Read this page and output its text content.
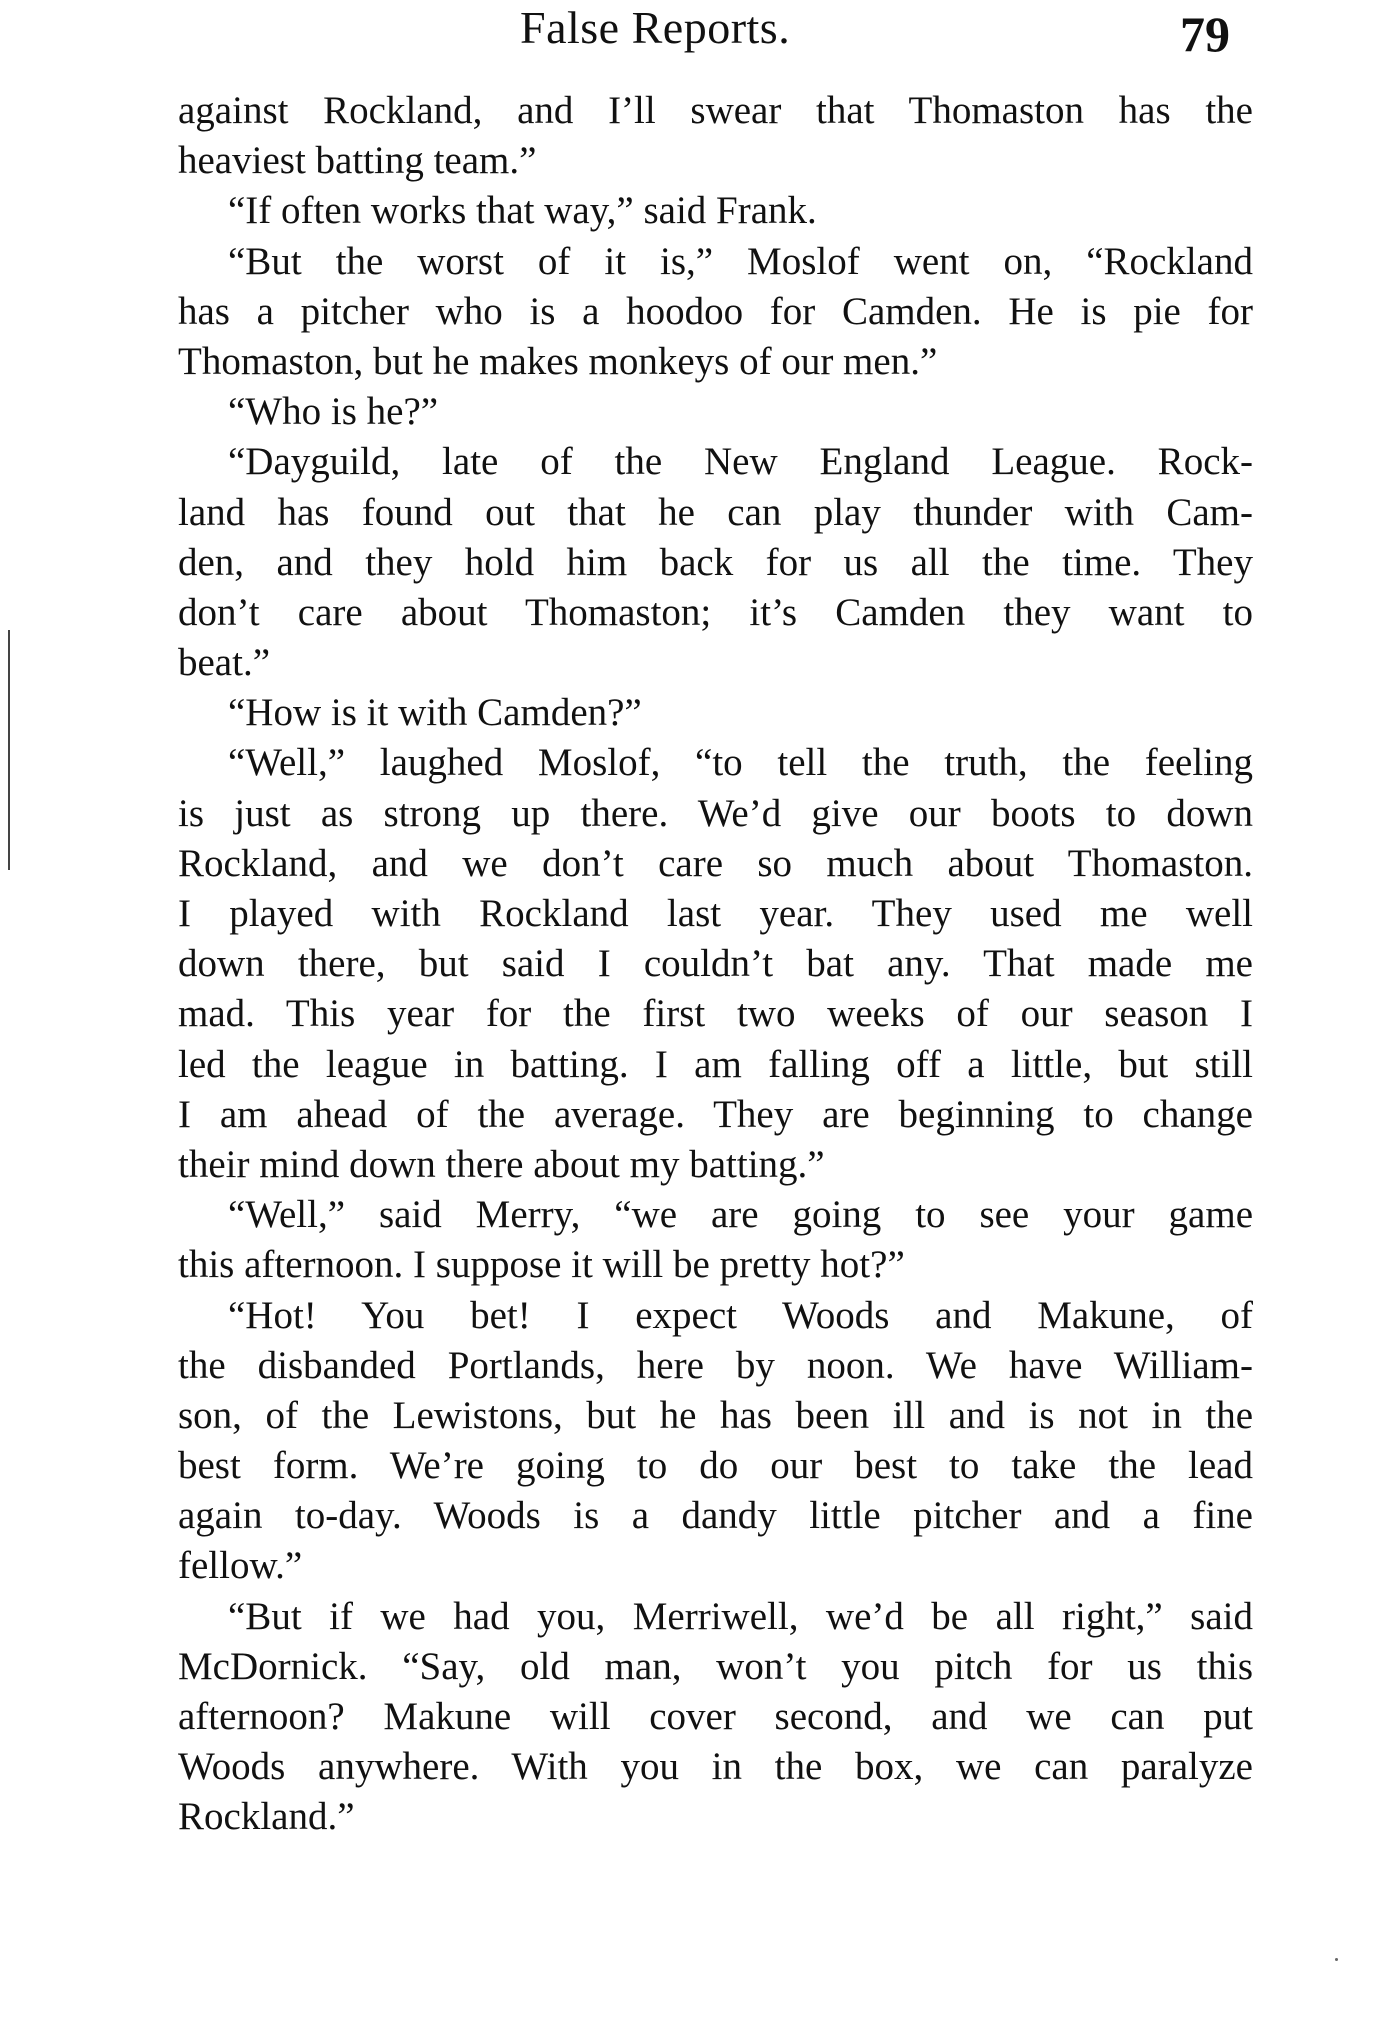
False Reports.	79
against Rockland, and I’ll swear that Thomaston has the
heaviest batting team.”
“If often works that way,” said Frank.
“But the worst of it is,” Moslof went on, “Rockland
has a pitcher who is a hoodoo for Camden. He is pie for
Thomaston, but he makes monkeys of our men.”
“Who is he?”
“Dayguild, late of the New England League. Rock-
land has found out that he can play thunder with Cam-
den, and they hold him back for us all the time. They
don’t care about Thomaston; it’s Camden they want to
beat.”
“How is it with Camden?”
“Well,” laughed Moslof, “to tell the truth, the feeling
is just as strong up there. We’d give our boots to down
Rockland, and we don’t care so much about Thomaston.
I played with Rockland last year. They used me well
down there, but said I couldn’t bat any. That made me
mad. This year for the first two weeks of our season I
led the league in batting. I am falling off a little, but still
I am ahead of the average. They are beginning to change
their mind down there about my batting.”
“Well,” said Merry, “we are going to see your game
this afternoon. I suppose it will be pretty hot?”
“Hot! You bet! I expect Woods and Makune, of
the disbanded Portlands, here by noon. We have William-
son, of the Lewistons, but he has been ill and is not in the
best form. We’re going to do our best to take the lead
again to-day. Woods is a dandy little pitcher and a fine
fellow.”
“But if we had you, Merriwell, we’d be all right,” said
McDornick. “Say, old man, won’t you pitch for us this
afternoon? Makune will cover second, and we can put
Woods anywhere. With you in the box, we can paralyze
Rockland.”
